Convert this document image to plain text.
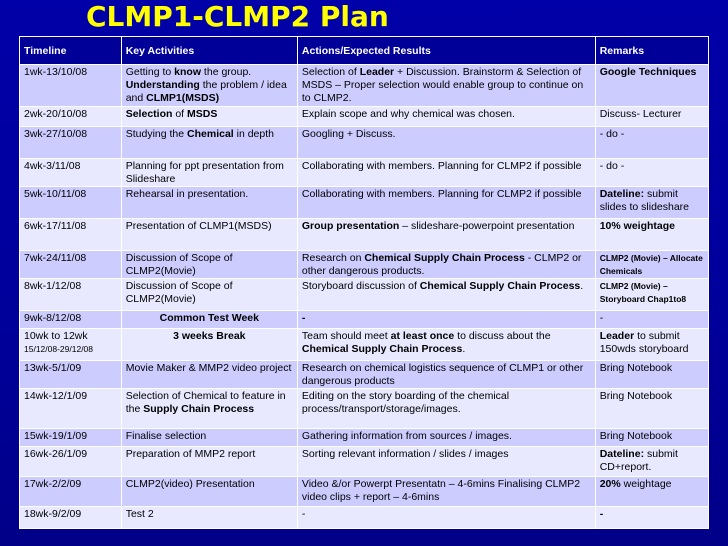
CLMP1-CLMP2 Plan
Timeline	Key Activities	Actions/Expected Results	Remarks
1wk-13/10/08	Getting to know the group. Understanding the problem / idea and CLMP1(MSDS)	Selection of Leader + Discussion. Brainstorm & Selection of MSDS – Proper selection would enable group to continue on to CLMP2.	Google Techniques
2wk-20/10/08	Selection of MSDS	Explain scope and why chemical was chosen.	Discuss- Lecturer
3wk-27/10/08	Studying the Chemical in depth	Googling + Discuss.	- do -
4wk-3/11/08	Planning for ppt presentation from Slideshare	Collaborating with members. Planning for CLMP2 if possible	- do -
5wk-10/11/08	Rehearsal in presentation.	Collaborating with members. Planning for CLMP2 if possible	Dateline: submit slides to slideshare
6wk-17/11/08	Presentation of CLMP1(MSDS)	Group presentation – slideshare-powerpoint presentation	10% weightage
7wk-24/11/08	Discussion of Scope of CLMP2(Movie)	Research on Chemical Supply Chain Process - CLMP2 or other dangerous products.	CLMP2 (Movie) – Allocate Chemicals
8wk-1/12/08	Discussion of Scope of CLMP2(Movie)	Storyboard discussion of Chemical Supply Chain Process.	CLMP2 (Movie) – Storyboard Chap1to8
9wk-8/12/08	Common Test Week	-	-
10wk to 12wk
15/12/08-29/12/08	3 weeks Break	Team should meet at least once to discuss about the Chemical Supply Chain Process.	Leader to submit 150wds storyboard
13wk-5/1/09	Movie Maker & MMP2 video project	Research on chemical logistics sequence of CLMP1 or other dangerous products	Bring Notebook
14wk-12/1/09	Selection of Chemical to feature in the Supply Chain Process	Editing on the story boarding of the chemical process/transport/storage/images.	Bring Notebook
15wk-19/1/09	Finalise selection	Gathering information from sources / images.	Bring Notebook
16wk-26/1/09	Preparation of MMP2 report	Sorting relevant information / slides / images	Dateline: submit CD+report.
17wk-2/2/09	CLMP2(video) Presentation	Video &/or Powerpt Presentatn – 4-6mins Finalising CLMP2 video clips + report – 4-6mins	20% weightage
18wk-9/2/09	Test 2	-	-
